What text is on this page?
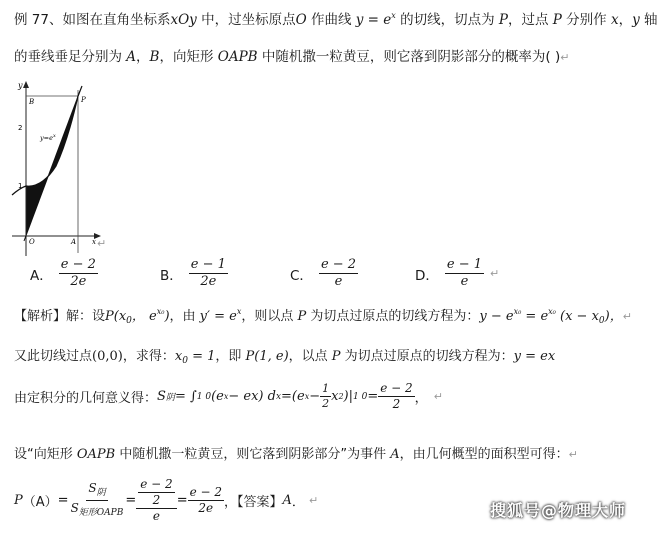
例 77、如图在直角坐标系xOy 中，过坐标原点O 作曲线 $y = e^x$ 的切线，切点为 P，过点 P 分别作 x，y 轴
的垂线垂足分别为 A，B，向矩形 OAPB 中随机撒一粒黄豆，则它落到阴影部分的概率为( )↵
y
B	P
2
1
$y=e^x$
O	A x ↵
A． $\frac{e - 2}{2e}$	B． $\frac{e - 1}{2e}$	C． $\frac{e - 2}{e}$	D． $\frac{e - 1}{e}$ ↵
【解析】解：设$P(x_0$， $e^{x_0}$)，由 $y' = e^x$，则以点 P 为切点过原点的切线方程为：$y - e^{x_0} = e^{x_0}$ $(x - x_0)$，↵
又此切线过点(0,0)，求得：$x_0 = 1$，即 P(1, e)，以点 P 为切点过原点的切线方程为：y = ex
由定积分的几何意义得： S 阴 = ∫ 1 0 (e x − ex) d x = (e $x - \frac{1}{2}$ x 2 ) | 1 $0 = \frac{e - 2}{2}$ ， ↵
设“向矩形 OAPB 中随机撒一粒黄豆，则它落到阴影部分”为事件 A，由几何概型的面积型可得：↵
P $(A) = \frac{S_阴}{S_{矩形OAPB}} = \frac{\frac{e - 2}{2}}{e} = \frac{e - 2}{2e}$ ，【答案】 A ． ↵
搜狐号@物理大师
